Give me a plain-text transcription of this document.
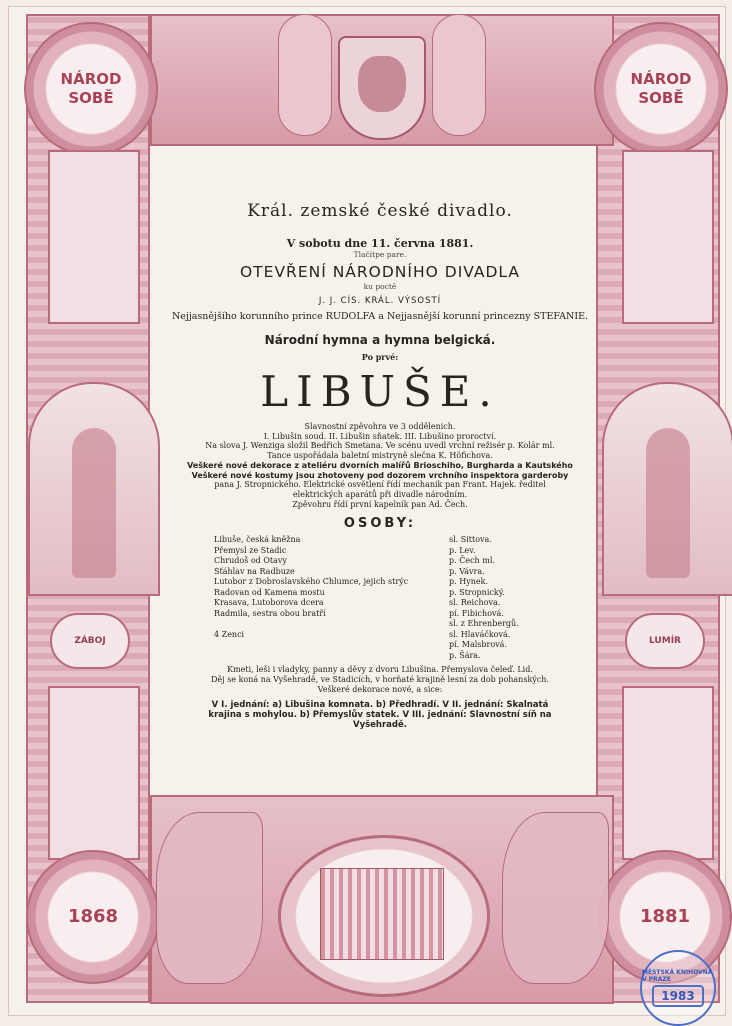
NÁROD
SOBĚ
NÁROD
SOBĚ
ZÁBOJ	LUMÍR
1868	1881
Král. zemské české divadlo.
V sobotu dne 11. června 1881.
Tlačítpe pare.
OTEVŘENÍ NÁRODNÍHO DIVADLA
ku poctě
J. J. CÍS. KRÁL. VÝSOSTÍ
Nejjasnějšího korunního prince RUDOLFA a Nejjasnější korunní princezny STEFANIE.
Národní hymna a hymna belgická.
Po prvé:
LIBUŠE.
Slavnostní zpěvohra ve 3 oddělenich.
I. Libušin soud. II. Libušin sňatek. III. Libušino proroctví.
Na slova J. Wenziga složil Bedřich Smetana. Ve scénu uvedl vrchní režisér p. Kolár ml.
Tance uspořádala baletní mistryně slečna K. Höfichova.
Veškeré nové dekorace z ateliéru dvorních malířů Brioschiho, Burgharda a Kautského
Veškeré nové kostumy jsou zhotoveny pod dozorem vrchního inspektora garderoby
pana J. Stropnického. Elektrické osvětlení řídí mechanik pan Frant. Hajek. ředitel
elektrických aparátů při divadle národním.
Zpěvohru řídí první kapelník pan Ad. Čech.
OSOBY:
Libuše, česká kněžna	sl. Sittova.
Přemysl ze Stadic	p. Lev.
Chrudoš od Otavy	p. Čech ml.
Šťáhlav na Radbuze	p. Vávra.
Lutobor z Dobroslavského Chlumce, jejich strýc	p. Hynek.
Radovan od Kamena mostu	p. Stropnický.
Krasava, Lutoborova dcera	sl. Reichova.
Radmila, sestra obou bratří	pí. Fibichová.
sl. z Ehrenbergů.
4 Ženci	sl. Hlaváčková.
pí. Malsbrová.
p. Šára.
Kmeti, leši i vladyky, panny a děvy z dvoru Libušina. Přemyslova čeleď. Lid.
Děj se koná na Vyšehradě, ve Stadicích, v horňaté krajině lesní za dob pohanských.
Veškeré dekorace nové, a sice:
V I. jednání: a) Libušina komnata. b) Předhradí. V II. jednání: Skalnatá
krajina s mohylou. b) Přemyslův statek. V III. jednání: Slavnostní síň na
Vyšehradě.
MĚSTSKÁ KNIHOVNA V PRAZE
1983
